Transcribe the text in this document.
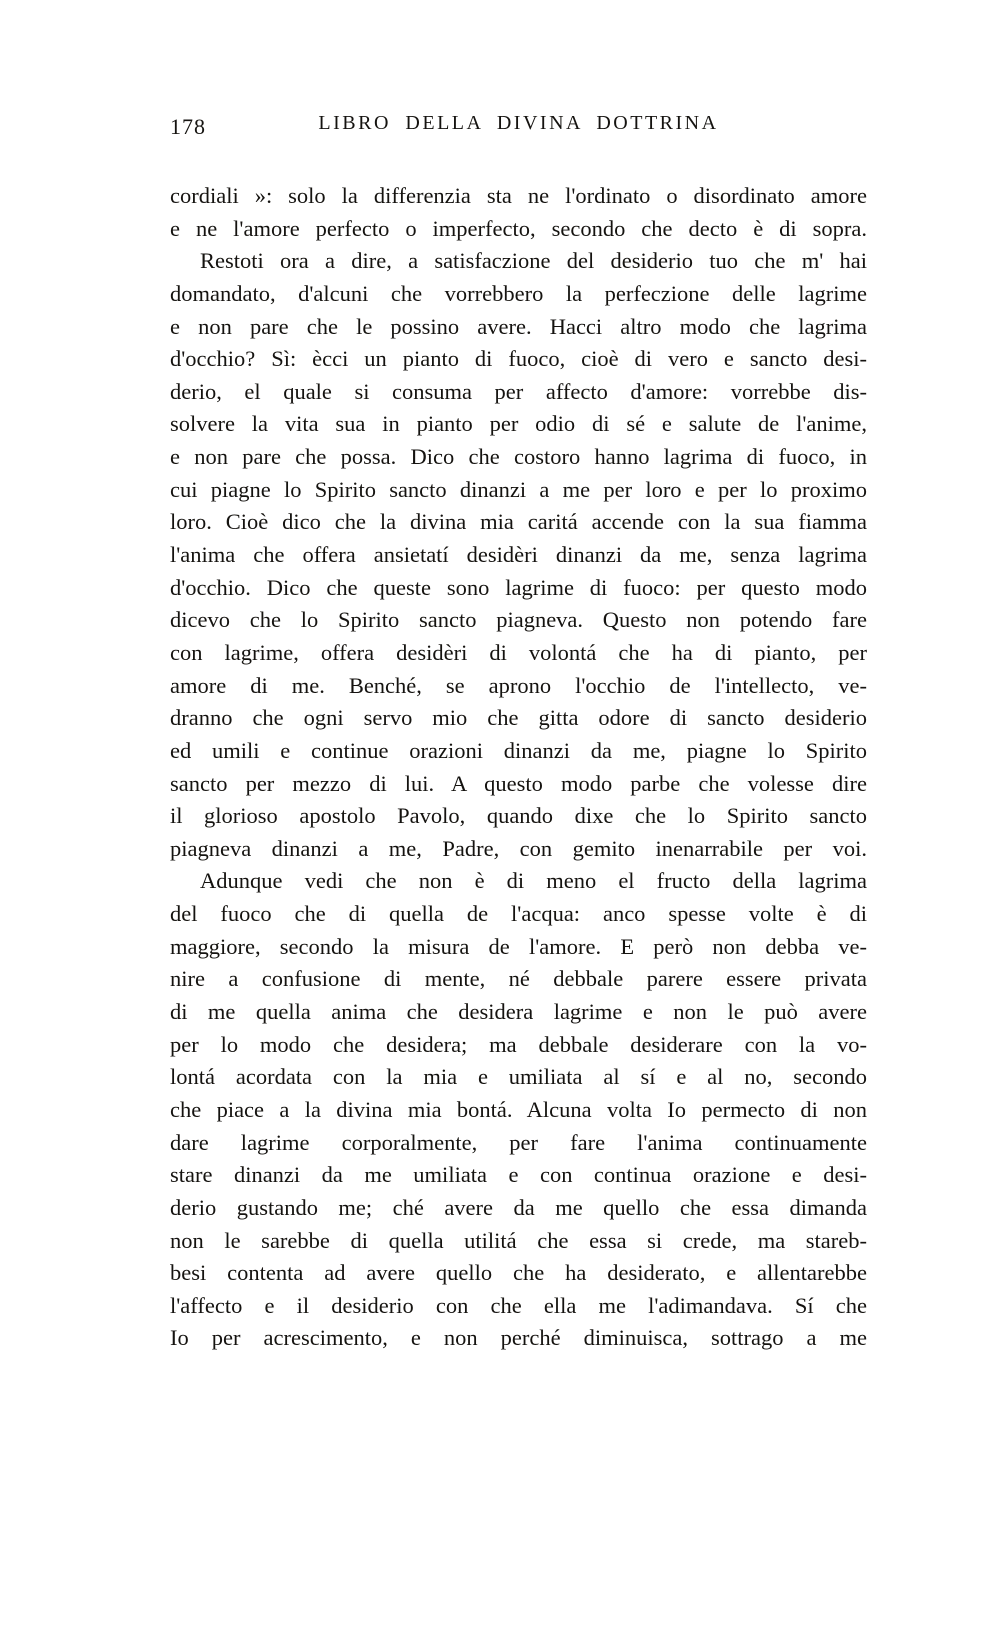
178	LIBRO DELLA DIVINA DOTTRINA
cordiali »: solo la differenzia sta ne l'ordinato o disordinato amore
e ne l'amore perfecto o imperfecto, secondo che decto è di sopra.
Restoti ora a dire, a satisfaczione del desiderio tuo che m' hai
domandato, d'alcuni che vorrebbero la perfeczione delle lagrime
e non pare che le possino avere. Hacci altro modo che lagrima
d'occhio? Sì: ècci un pianto di fuoco, cioè di vero e sancto desi-
derio, el quale si consuma per affecto d'amore: vorrebbe dis-
solvere la vita sua in pianto per odio di sé e salute de l'anime,
e non pare che possa. Dico che costoro hanno lagrima di fuoco, in
cui piagne lo Spirito sancto dinanzi a me per loro e per lo proximo
loro. Cioè dico che la divina mia caritá accende con la sua fiamma
l'anima che offera ansietatí desidèri dinanzi da me, senza lagrima
d'occhio. Dico che queste sono lagrime di fuoco: per questo modo
dicevo che lo Spirito sancto piagneva. Questo non potendo fare
con lagrime, offera desidèri di volontá che ha di pianto, per
amore di me. Benché, se aprono l'occhio de l'intellecto, ve-
dranno che ogni servo mio che gitta odore di sancto desiderio
ed umili e continue orazioni dinanzi da me, piagne lo Spirito
sancto per mezzo di lui. A questo modo parbe che volesse dire
il glorioso apostolo Pavolo, quando dixe che lo Spirito sancto
piagneva dinanzi a me, Padre, con gemito inenarrabile per voi.
Adunque vedi che non è di meno el fructo della lagrima
del fuoco che di quella de l'acqua: anco spesse volte è di
maggiore, secondo la misura de l'amore. E però non debba ve-
nire a confusione di mente, né debbale parere essere privata
di me quella anima che desidera lagrime e non le può avere
per lo modo che desidera; ma debbale desiderare con la vo-
lontá acordata con la mia e umiliata al sí e al no, secondo
che piace a la divina mia bontá. Alcuna volta Io permecto di non
dare lagrime corporalmente, per fare l'anima continuamente
stare dinanzi da me umiliata e con continua orazione e desi-
derio gustando me; ché avere da me quello che essa dimanda
non le sarebbe di quella utilitá che essa si crede, ma stareb-
besi contenta ad avere quello che ha desiderato, e allentarebbe
l'affecto e il desiderio con che ella me l'adimandava. Sí che
Io per acrescimento, e non perché diminuisca, sottrago a me
